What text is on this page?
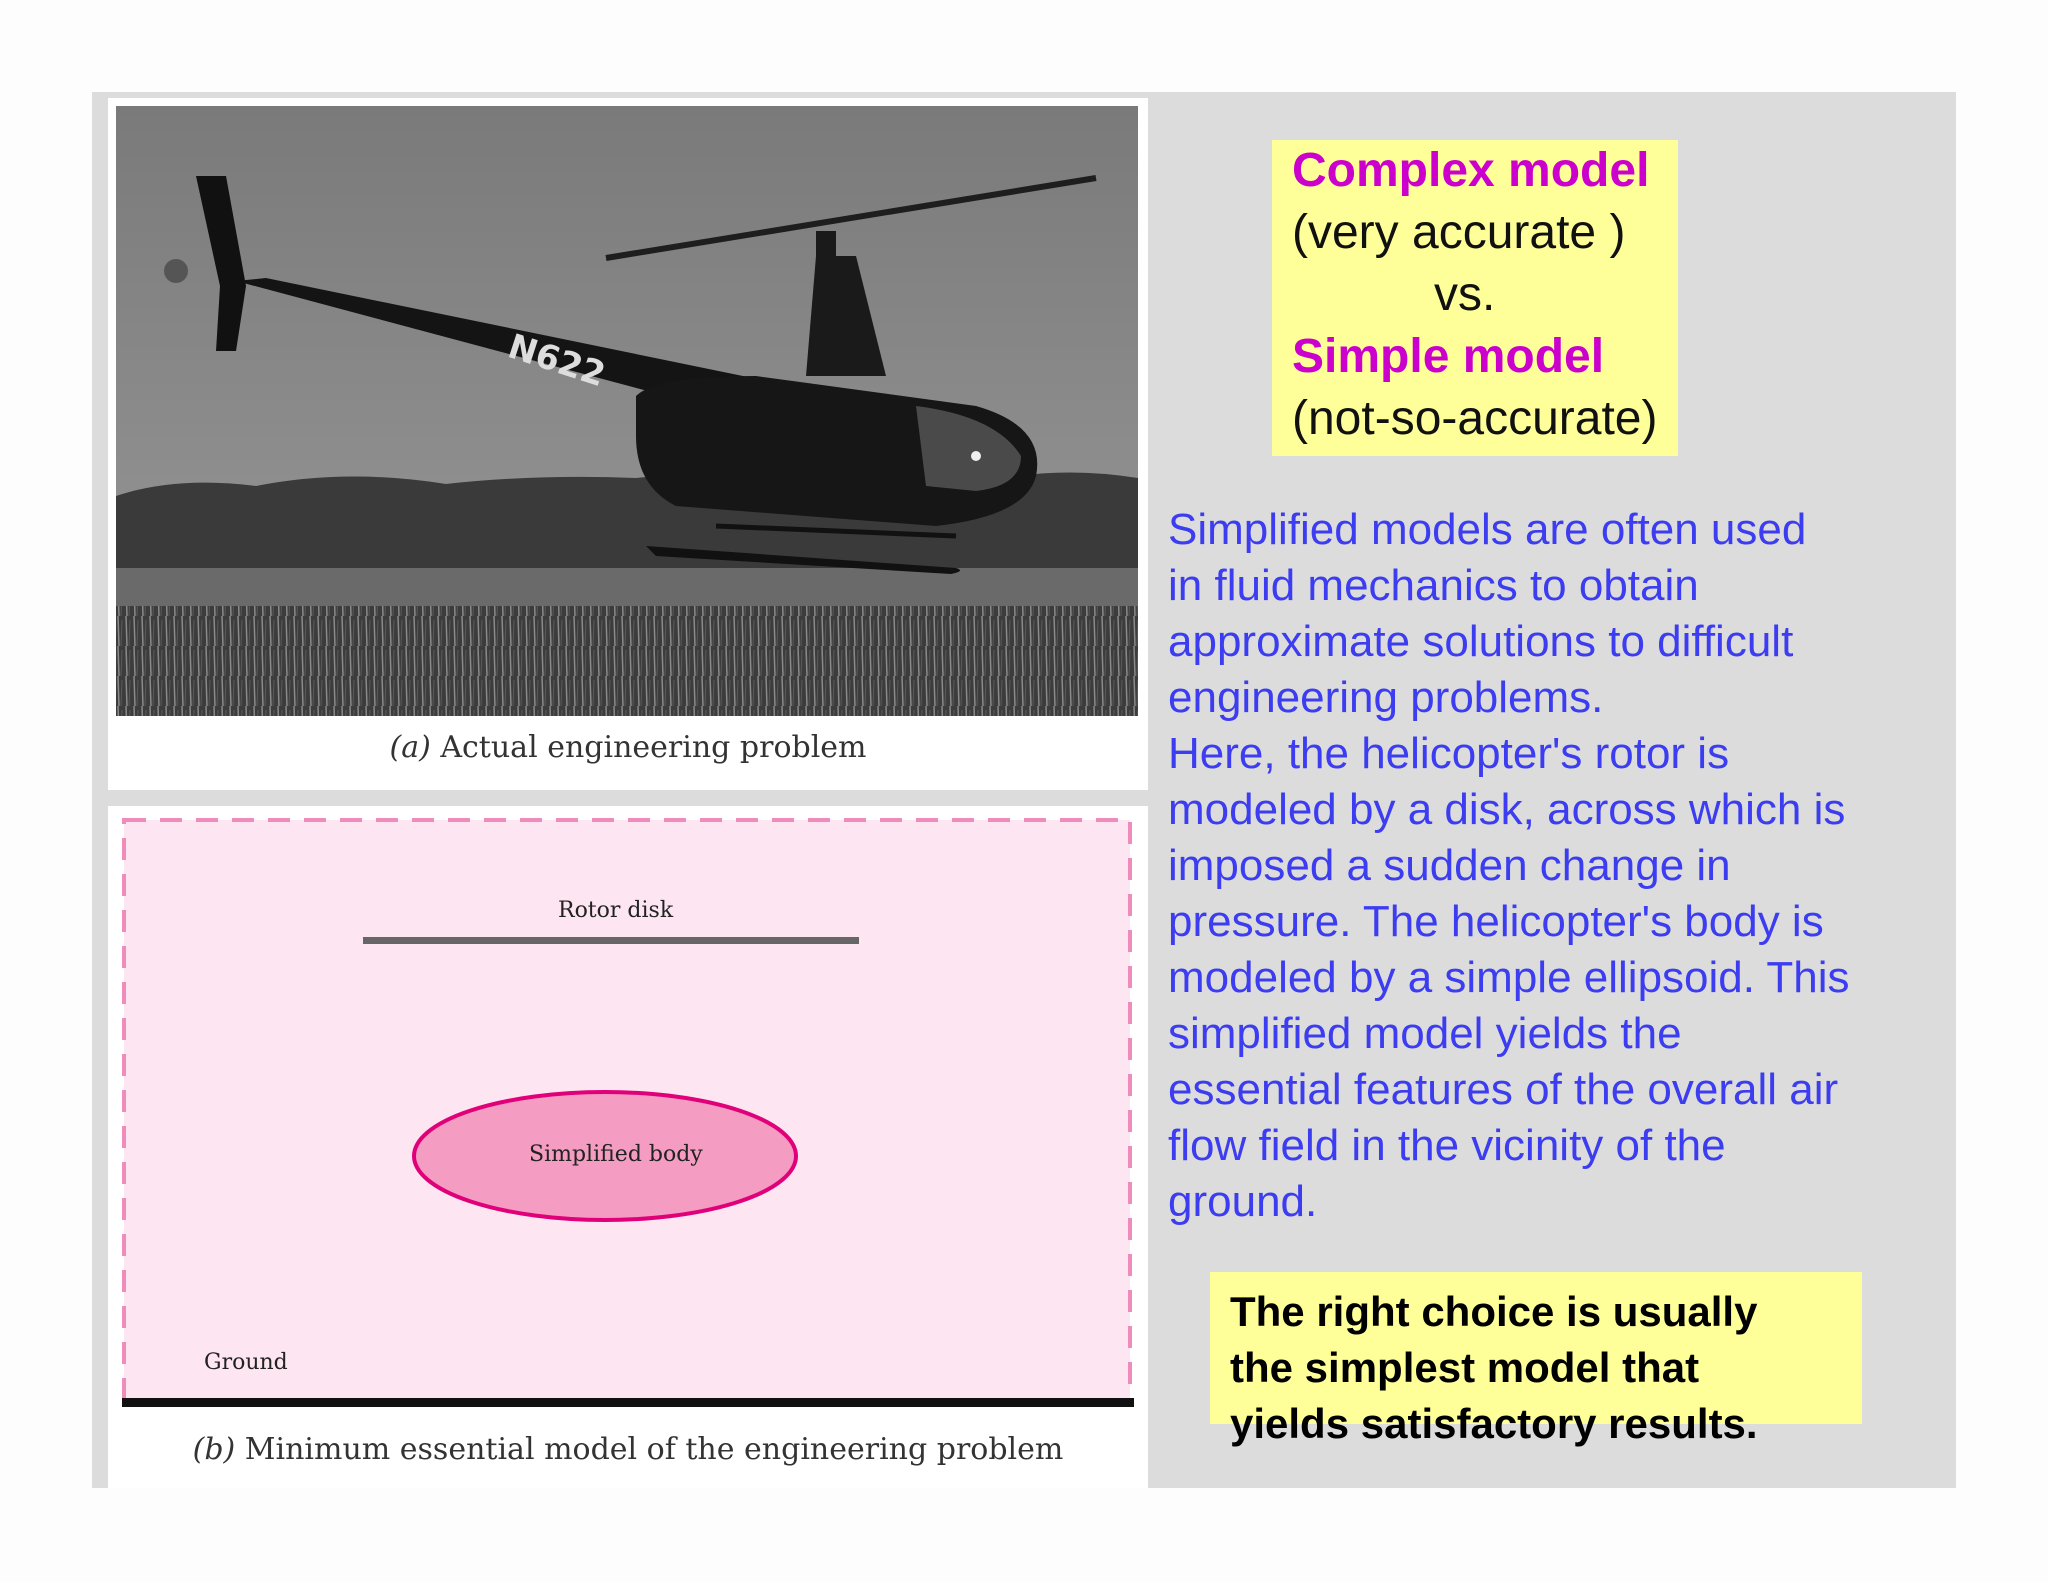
N622
(a) Actual engineering problem
Rotor disk
Simplified body
Ground
(b) Minimum essential model of the engineering problem
Complex model
(very accurate )
vs.
Simple model
(not-so-accurate)
Simplified models are often used
in fluid mechanics to obtain
approximate solutions to difficult
engineering problems.
Here, the helicopter's rotor is
modeled by a disk, across which is
imposed a sudden change in
pressure. The helicopter's body is
modeled by a simple ellipsoid. This
simplified model yields the
essential features of the overall air
flow field in the vicinity of the
ground.
The right choice is usually
the simplest model that
yields satisfactory results.
